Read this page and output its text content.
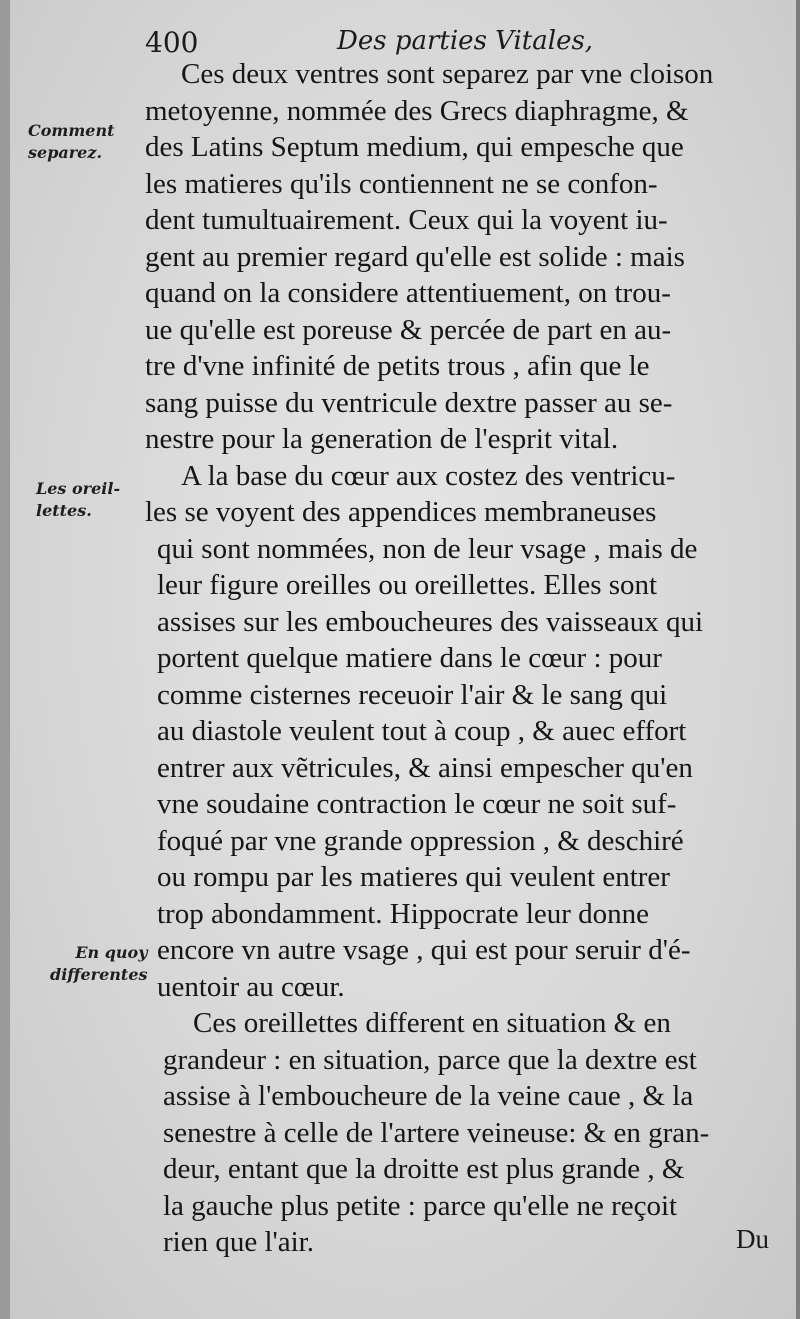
400	Des parties Vitales,
Comment
separez.
Les oreil-
lettes.
En quoy
differentes
Ces deux ventres sont separez par vne cloison
metoyenne, nommée des Grecs diaphragme, &
des Latins Septum medium, qui empesche que
les matieres qu'ils contiennent ne se confon-
dent tumultuairement. Ceux qui la voyent iu-
gent au premier regard qu'elle est solide : mais
quand on la considere attentiuement, on trou-
ue qu'elle est poreuse & percée de part en au-
tre d'vne infinité de petits trous , afin que le
sang puisse du ventricule dextre passer au se-
nestre pour la generation de l'esprit vital.
A la base du cœur aux costez des ventricu-
les se voyent des appendices membraneuses
qui sont nommées, non de leur vsage , mais de
leur figure oreilles ou oreillettes. Elles sont
assises sur les embouchеures des vaisseaux qui
portent quelque matiere dans le cœur : pour
comme cisternes receuoir l'air & le sang qui
au diastole veulent tout à coup , & auec effort
entrer aux vẽtricules, & ainsi empescher qu'en
vne soudaine contraction le cœur ne soit suf-
foqué par vne grande oppression , & deschiré
ou rompu par les matieres qui veulent entrer
trop abondamment. Hippocrate leur donne
encore vn autre vsage , qui est pour seruir d'é-
uentoir au cœur.
Ces oreillettes different en situation & en
grandeur : en situation, parce que la dextre est
assise à l'embouchеure de la veine caue , & la
senestre à celle de l'artere veineuse: & en gran-
deur, entant que la droitte est plus grande , &
la gauche plus petite : parce qu'elle ne reçoit
rien que l'air.	Du
